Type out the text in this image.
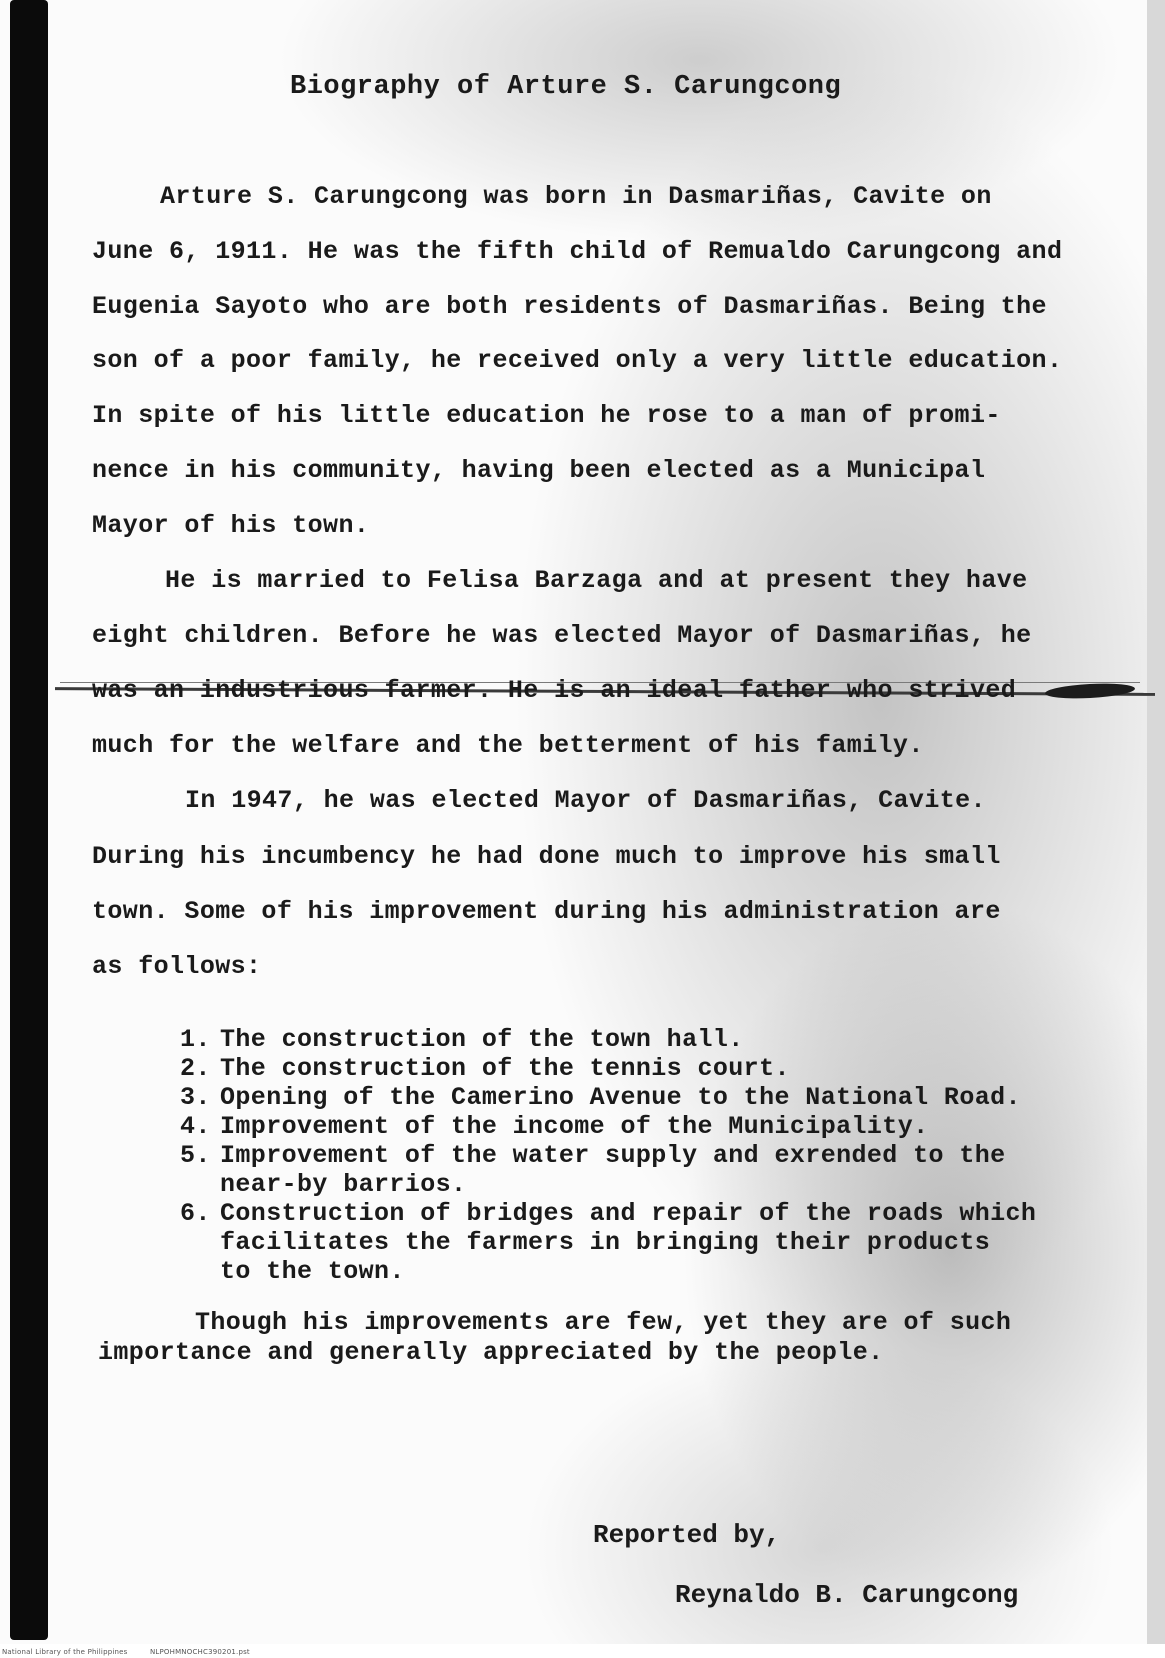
Biography of Arture S. Carungcong
Arture S. Carungcong was born in Dasmariñas, Cavite on
June 6, 1911. He was the fifth child of Remualdo Carungcong and
Eugenia Sayoto who are both residents of Dasmariñas. Being the
son of a poor family, he received only a very little education.
In spite of his little education he rose to a man of promi-
nence in his community, having been elected as a Municipal
Mayor of his town.
He is married to Felisa Barzaga and at present they have
eight children. Before he was elected Mayor of Dasmariñas, he
was an industrious farmer. He is an ideal father who strived
much for the welfare and the betterment of his family.
In 1947, he was elected Mayor of Dasmariñas, Cavite.
During his incumbency he had done much to improve his small
town. Some of his improvement during his administration are
as follows:
1. The construction of the town hall.
2. The construction of the tennis court.
3. Opening of the Camerino Avenue to the National Road.
4. Improvement of the income of the Municipality.
5. Improvement of the water supply and exrended to the
near-by barrios.
6. Construction of bridges and repair of the roads which
facilitates the farmers in bringing their products
to the town.
Though his improvements are few, yet they are of such
importance and generally appreciated by the people.
Reported by,
Reynaldo B. Carungcong
National Library of the Philippines	NLPOHMNOCHC390201.pst
